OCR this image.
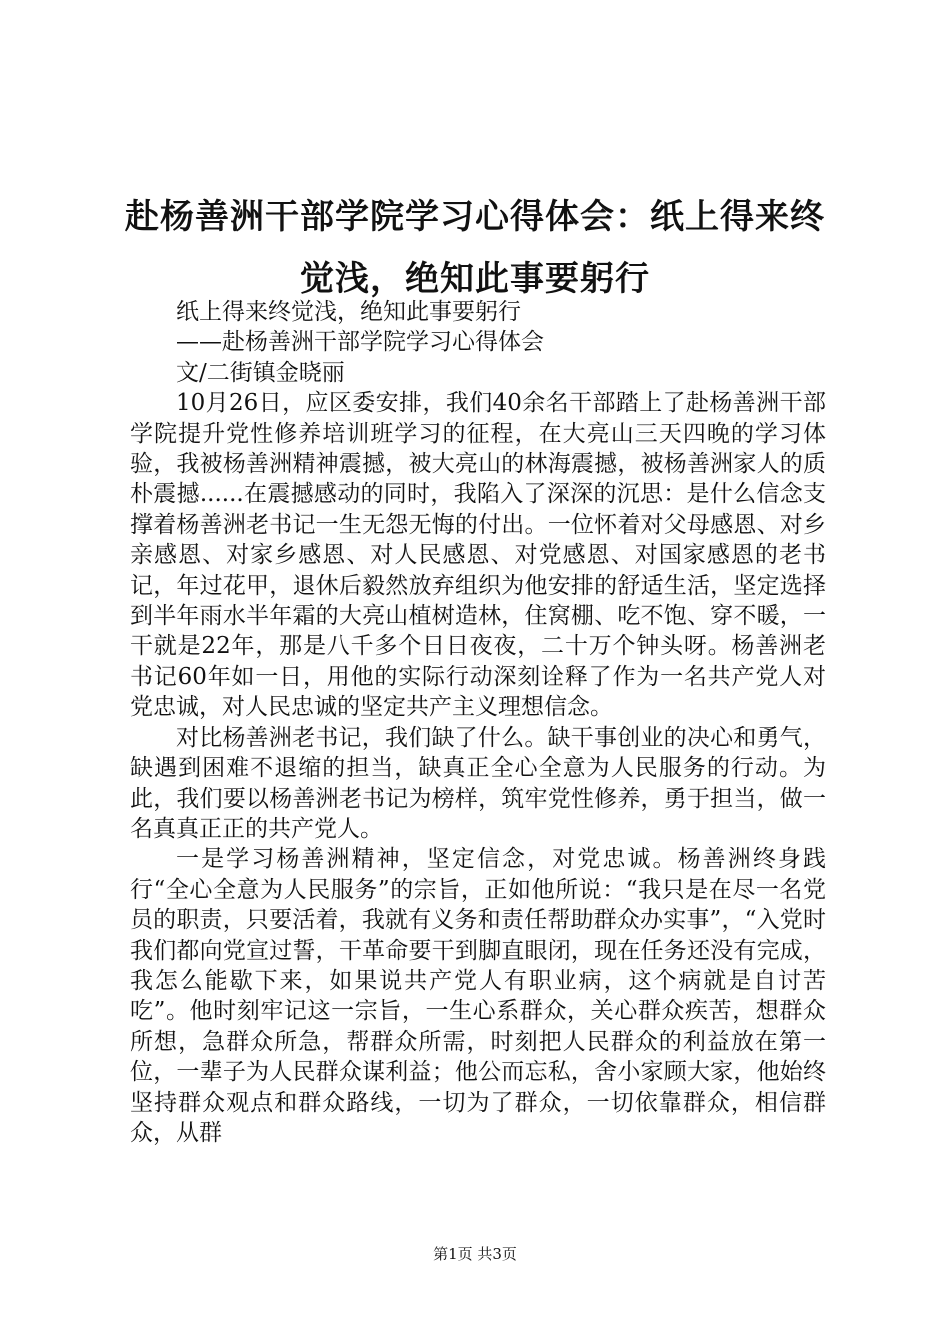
赴杨善洲干部学院学习心得体会：纸上得来终
觉浅，绝知此事要躬行

纸上得来终觉浅，绝知此事要躬行

——赴杨善洲干部学院学习心得体会

文/二街镇金晓丽

10月26日，应区委安排，我们40余名干部踏上了赴杨善洲干部学院提升党性修养培训班学习的征程，在大亮山三天四晚的学习体验，我被杨善洲精神震撼，被大亮山的林海震撼，被杨善洲家人的质朴震撼......在震撼感动的同时，我陷入了深深的沉思：是什么信念支撑着杨善洲老书记一生无怨无悔的付出。一位怀着对父母感恩、对乡亲感恩、对家乡感恩、对人民感恩、对党感恩、对国家感恩的老书记，年过花甲，退休后毅然放弃组织为他安排的舒适生活，坚定选择到半年雨水半年霜的大亮山植树造林，住窝棚、吃不饱、穿不暖，一干就是22年，那是八千多个日日夜夜，二十万个钟头呀。杨善洲老书记60年如一日，用他的实际行动深刻诠释了作为一名共产党人对党忠诚，对人民忠诚的坚定共产主义理想信念。

对比杨善洲老书记，我们缺了什么。缺干事创业的决心和勇气，缺遇到困难不退缩的担当，缺真正全心全意为人民服务的行动。为此，我们要以杨善洲老书记为榜样，筑牢党性修养，勇于担当，做一名真真正正的共产党人。

一是学习杨善洲精神，坚定信念，对党忠诚。杨善洲终身践行“全心全意为人民服务”的宗旨，正如他所说：“我只是在尽一名党员的职责，只要活着，我就有义务和责任帮助群众办实事”，“入党时我们都向党宣过誓，干革命要干到脚直眼闭，现在任务还没有完成，我怎么能歇下来，如果说共产党人有职业病，这个病就是自讨苦吃”。他时刻牢记这一宗旨，一生心系群众，关心群众疾苦，想群众所想，急群众所急，帮群众所需，时刻把人民群众的利益放在第一位，一辈子为人民群众谋利益；他公而忘私，舍小家顾大家，他始终坚持群众观点和群众路线，一切为了群众，一切依靠群众，相信群众，从群

第1页 共3页
